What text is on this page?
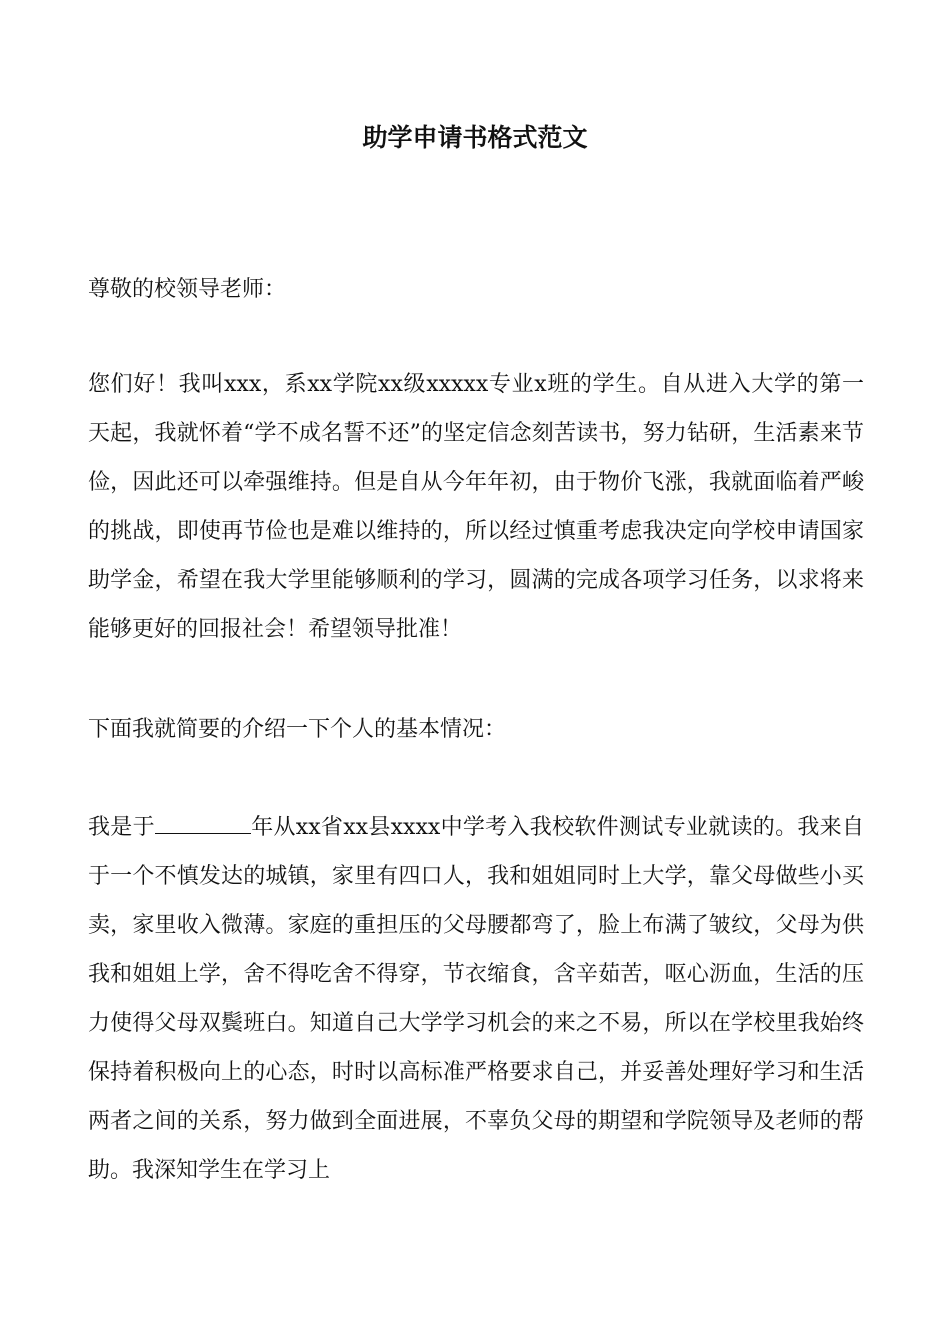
助学申请书格式范文

尊敬的校领导老师：

您们好！我叫xxx，系xx学院xx级xxxxx专业x班的学生。自从进入大学的第一天起，我就怀着“学不成名誓不还”的坚定信念刻苦读书，努力钻研，生活素来节俭，因此还可以牵强维持。但是自从今年年初，由于物价飞涨，我就面临着严峻的挑战，即使再节俭也是难以维持的，所以经过慎重考虑我决定向学校申请国家助学金，希望在我大学里能够顺利的学习，圆满的完成各项学习任务，以求将来能够更好的回报社会！希望领导批准！

下面我就简要的介绍一下个人的基本情况：

我是于	年从xx省xx县xxxx中学考入我校软件测试专业就读的。我来自于一个不慎发达的城镇，家里有四口人，我和姐姐同时上大学，靠父母做些小买卖，家里收入微薄。家庭的重担压的父母腰都弯了，脸上布满了皱纹，父母为供我和姐姐上学，舍不得吃舍不得穿，节衣缩食，含辛茹苦，呕心沥血，生活的压力使得父母双鬓班白。知道自己大学学习机会的来之不易，所以在学校里我始终保持着积极向上的心态，时时以高标准严格要求自己，并妥善处理好学习和生活两者之间的关系，努力做到全面进展，不辜负父母的期望和学院领导及老师的帮助。我深知学生在学习上
